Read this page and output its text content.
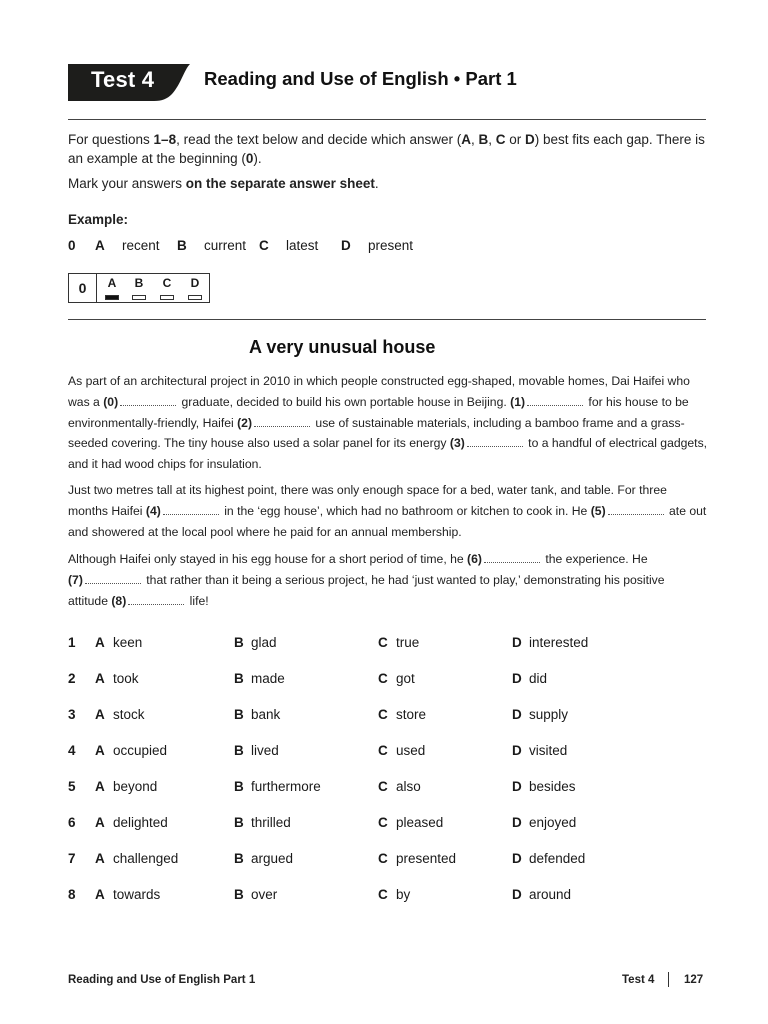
Test 4	Reading and Use of English • Part 1
For questions 1–8, read the text below and decide which answer (A, B, C or D) best fits each gap. There is
an example at the beginning (0).
Mark your answers on the separate answer sheet.
Example:
0 A recent B current C latest D present
0	A	B	C	D
A very unusual house

As part of an architectural project in 2010 in which people constructed egg-shaped, movable homes, Dai Haifei who

was a (0)	graduate, decided to build his own portable house in Beijing. (1)	for his house to be

environmentally-friendly, Haifei (2)	use of sustainable materials, including a bamboo frame and a grass-

seeded covering. The tiny house also used a solar panel for its energy (3)	to a handful of electrical gadgets,

and it had wood chips for insulation.

Just two metres tall at its highest point, there was only enough space for a bed, water tank, and table. For three

months Haifei (4)	in the ‘egg house’, which had no bathroom or kitchen to cook in. He (5)	ate out

and showered at the local pool where he paid for an annual membership.

Although Haifei only stayed in his egg house for a short period of time, he (6)	the experience. He

(7)	that rather than it being a serious project, he had ‘just wanted to play,’ demonstrating his positive

attitude (8)	life!

1 A keen	B glad	C true	D interested
2 A took	B made	C got	D did
3 A stock	B bank	C store	D supply
4 A occupied	B lived	C used	D visited
5 A beyond	B furthermore	C also	D besides
6 A delighted	B thrilled	C pleased	D enjoyed
7 A challenged	B argued	C presented	D defended
8 A towards	B over	C by	D around
Reading and Use of English Part 1	Test 4	127
